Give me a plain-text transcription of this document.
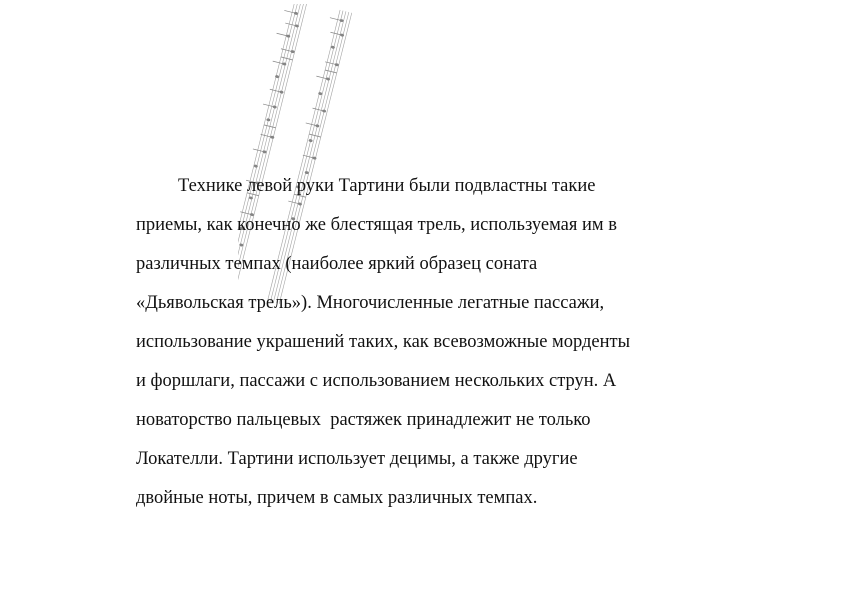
Технике левой руки Тартини были подвластны такие
приемы, как конечно же блестящая трель, используемая им в
различных темпах (наиболее яркий образец соната
«Дьявольская трель»). Многочисленные легатные пассажи,
использование украшений таких, как всевозможные морденты
и форшлаги, пассажи с использованием нескольких струн. А
новаторство пальцевых  растяжек принадлежит не только
Локателли. Тартини использует децимы, а также другие
двойные ноты, причем в самых различных темпах.
